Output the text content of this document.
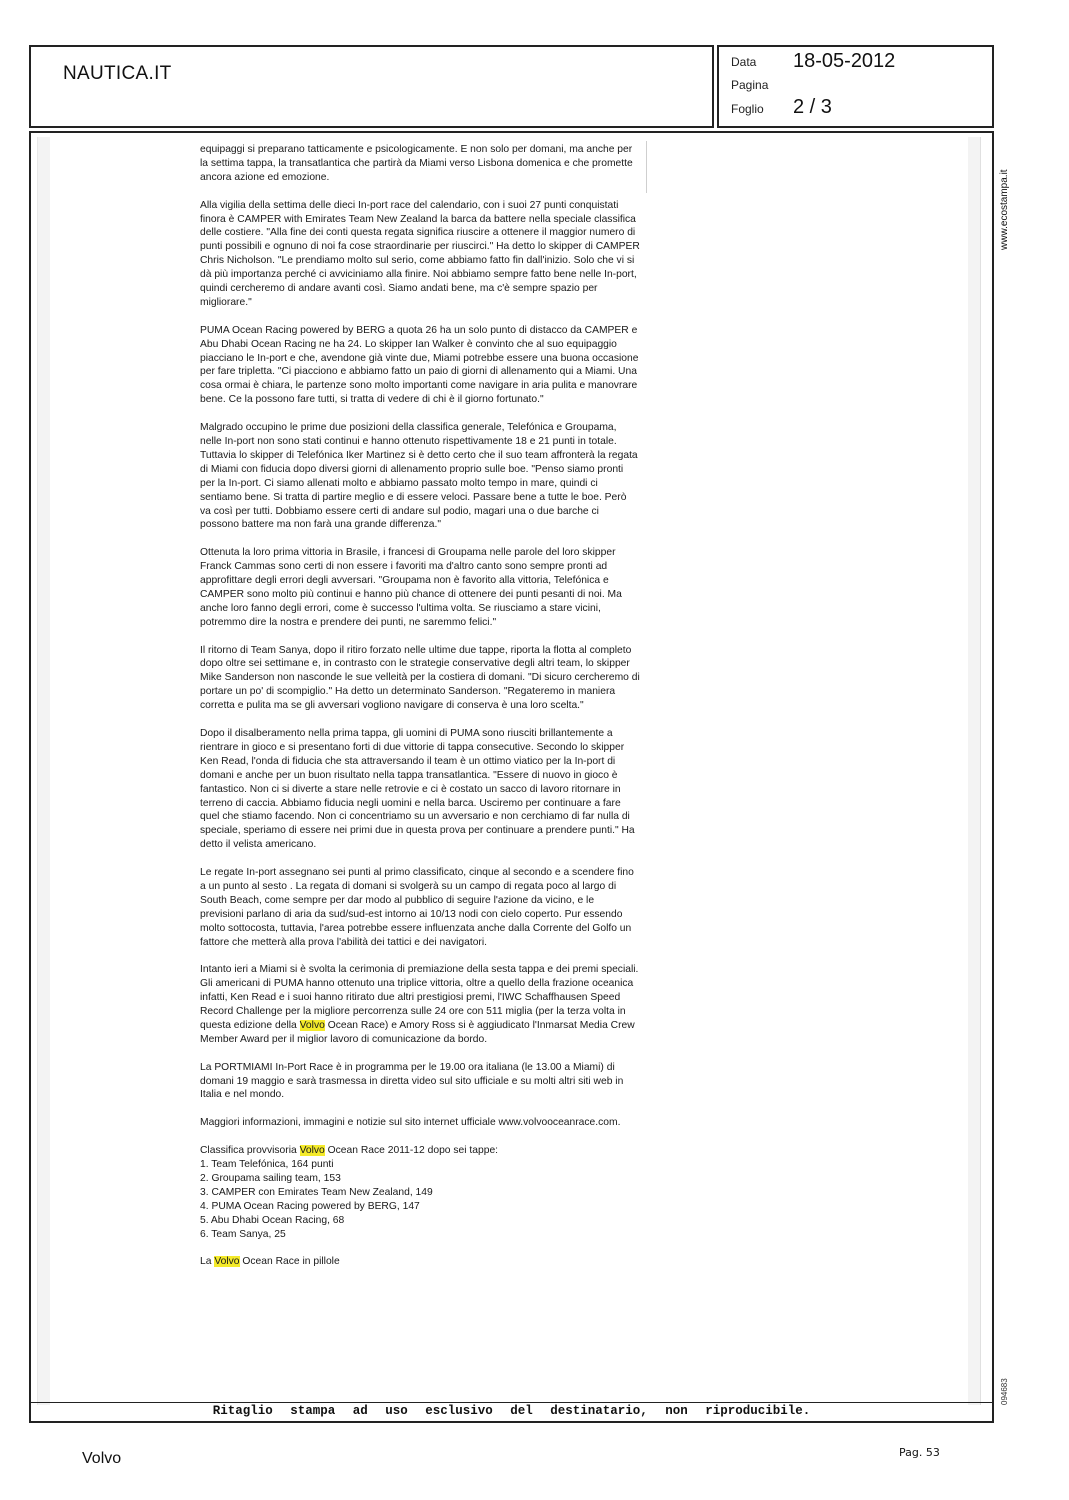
NAUTICA.IT
Data 18-05-2012
Pagina
Foglio 2 / 3

equipaggi si preparano tatticamente e psicologicamente. E non solo per domani, ma anche per la settima tappa, la transatlantica che partirà da Miami verso Lisbona domenica e che promette ancora azione ed emozione.

Alla vigilia della settima delle dieci In-port race del calendario, con i suoi 27 punti conquistati finora è CAMPER with Emirates Team New Zealand la barca da battere nella speciale classifica delle costiere. "Alla fine dei conti questa regata significa riuscire a ottenere il maggior numero di punti possibili e ognuno di noi fa cose straordinarie per riuscirci." Ha detto lo skipper di CAMPER Chris Nicholson. "Le prendiamo molto sul serio, come abbiamo fatto fin dall'inizio. Solo che vi si dà più importanza perché ci avviciniamo alla finire. Noi abbiamo sempre fatto bene nelle In-port, quindi cercheremo di andare avanti così. Siamo andati bene, ma c'è sempre spazio per migliorare."

PUMA Ocean Racing powered by BERG a quota 26 ha un solo punto di distacco da CAMPER e Abu Dhabi Ocean Racing ne ha 24. Lo skipper Ian Walker è convinto che al suo equipaggio piacciano le In-port e che, avendone già vinte due, Miami potrebbe essere una buona occasione per fare tripletta. "Ci piacciono e abbiamo fatto un paio di giorni di allenamento qui a Miami. Una cosa ormai è chiara, le partenze sono molto importanti come navigare in aria pulita e manovrare bene. Ce la possono fare tutti, si tratta di vedere di chi è il giorno fortunato."

Malgrado occupino le prime due posizioni della classifica generale, Telefónica e Groupama, nelle In-port non sono stati continui e hanno ottenuto rispettivamente 18 e 21 punti in totale. Tuttavia lo skipper di Telefónica Iker Martinez si è detto certo che il suo team affronterà la regata di Miami con fiducia dopo diversi giorni di allenamento proprio sulle boe. "Penso siamo pronti per la In-port. Ci siamo allenati molto e abbiamo passato molto tempo in mare, quindi ci sentiamo bene. Si tratta di partire meglio e di essere veloci. Passare bene a tutte le boe. Però va così per tutti. Dobbiamo essere certi di andare sul podio, magari una o due barche ci possono battere ma non farà una grande differenza."

Ottenuta la loro prima vittoria in Brasile, i francesi di Groupama nelle parole del loro skipper Franck Cammas sono certi di non essere i favoriti ma d'altro canto sono sempre pronti ad approfittare degli errori degli avversari. "Groupama non è favorito alla vittoria, Telefónica e CAMPER sono molto più continui e hanno più chance di ottenere dei punti pesanti di noi. Ma anche loro fanno degli errori, come è successo l'ultima volta. Se riusciamo a stare vicini, potremmo dire la nostra e prendere dei punti, ne saremmo felici."

Il ritorno di Team Sanya, dopo il ritiro forzato nelle ultime due tappe, riporta la flotta al completo dopo oltre sei settimane e, in contrasto con le strategie conservative degli altri team, lo skipper Mike Sanderson non nasconde le sue velleità per la costiera di domani. "Di sicuro cercheremo di portare un po' di scompiglio." Ha detto un determinato Sanderson. "Regateremo in maniera corretta e pulita ma se gli avversari vogliono navigare di conserva è una loro scelta."

Dopo il disalberamento nella prima tappa, gli uomini di PUMA sono riusciti brillantemente a rientrare in gioco e si presentano forti di due vittorie di tappa consecutive. Secondo lo skipper Ken Read, l'onda di fiducia che sta attraversando il team è un ottimo viatico per la In-port di domani e anche per un buon risultato nella tappa transatlantica. "Essere di nuovo in gioco è fantastico. Non ci si diverte a stare nelle retrovie e ci è costato un sacco di lavoro ritornare in terreno di caccia. Abbiamo fiducia negli uomini e nella barca. Usciremo per continuare a fare quel che stiamo facendo. Non ci concentriamo su un avversario e non cerchiamo di far nulla di speciale, speriamo di essere nei primi due in questa prova per continuare a prendere punti." Ha detto il velista americano.

Le regate In-port assegnano sei punti al primo classificato, cinque al secondo e a scendere fino a un punto al sesto . La regata di domani si svolgerà su un campo di regata poco al largo di South Beach, come sempre per dar modo al pubblico di seguire l'azione da vicino, e le previsioni parlano di aria da sud/sud-est intorno ai 10/13 nodi con cielo coperto. Pur essendo molto sottocosta, tuttavia, l'area potrebbe essere influenzata anche dalla Corrente del Golfo un fattore che metterà alla prova l'abilità dei tattici e dei navigatori.

Intanto ieri a Miami si è svolta la cerimonia di premiazione della sesta tappa e dei premi speciali. Gli americani di PUMA hanno ottenuto una triplice vittoria, oltre a quello della frazione oceanica infatti, Ken Read e i suoi hanno ritirato due altri prestigiosi premi, l'IWC Schaffhausen Speed Record Challenge per la migliore percorrenza sulle 24 ore con 511 miglia (per la terza volta in questa edizione della Volvo Ocean Race) e Amory Ross si è aggiudicato l'Inmarsat Media Crew Member Award per il miglior lavoro di comunicazione da bordo.

La PORTMIAMI In-Port Race è in programma per le 19.00 ora italiana (le 13.00 a Miami) di domani 19 maggio e sarà trasmessa in diretta video sul sito ufficiale e su molti altri siti web in Italia e nel mondo.

Maggiori informazioni, immagini e notizie sul sito internet ufficiale www.volvooceanrace.com.

Classifica provvisoria Volvo Ocean Race 2011-12 dopo sei tappe:
1. Team Telefónica, 164 punti
2. Groupama sailing team, 153
3. CAMPER con Emirates Team New Zealand, 149
4. PUMA Ocean Racing powered by BERG, 147
5. Abu Dhabi Ocean Racing, 68
6. Team Sanya, 25

La Volvo Ocean Race in pillole

Ritaglio stampa ad uso esclusivo del destinatario, non riproducibile.
www.ecostampa.it
094683
Volvo	Pag. 53
